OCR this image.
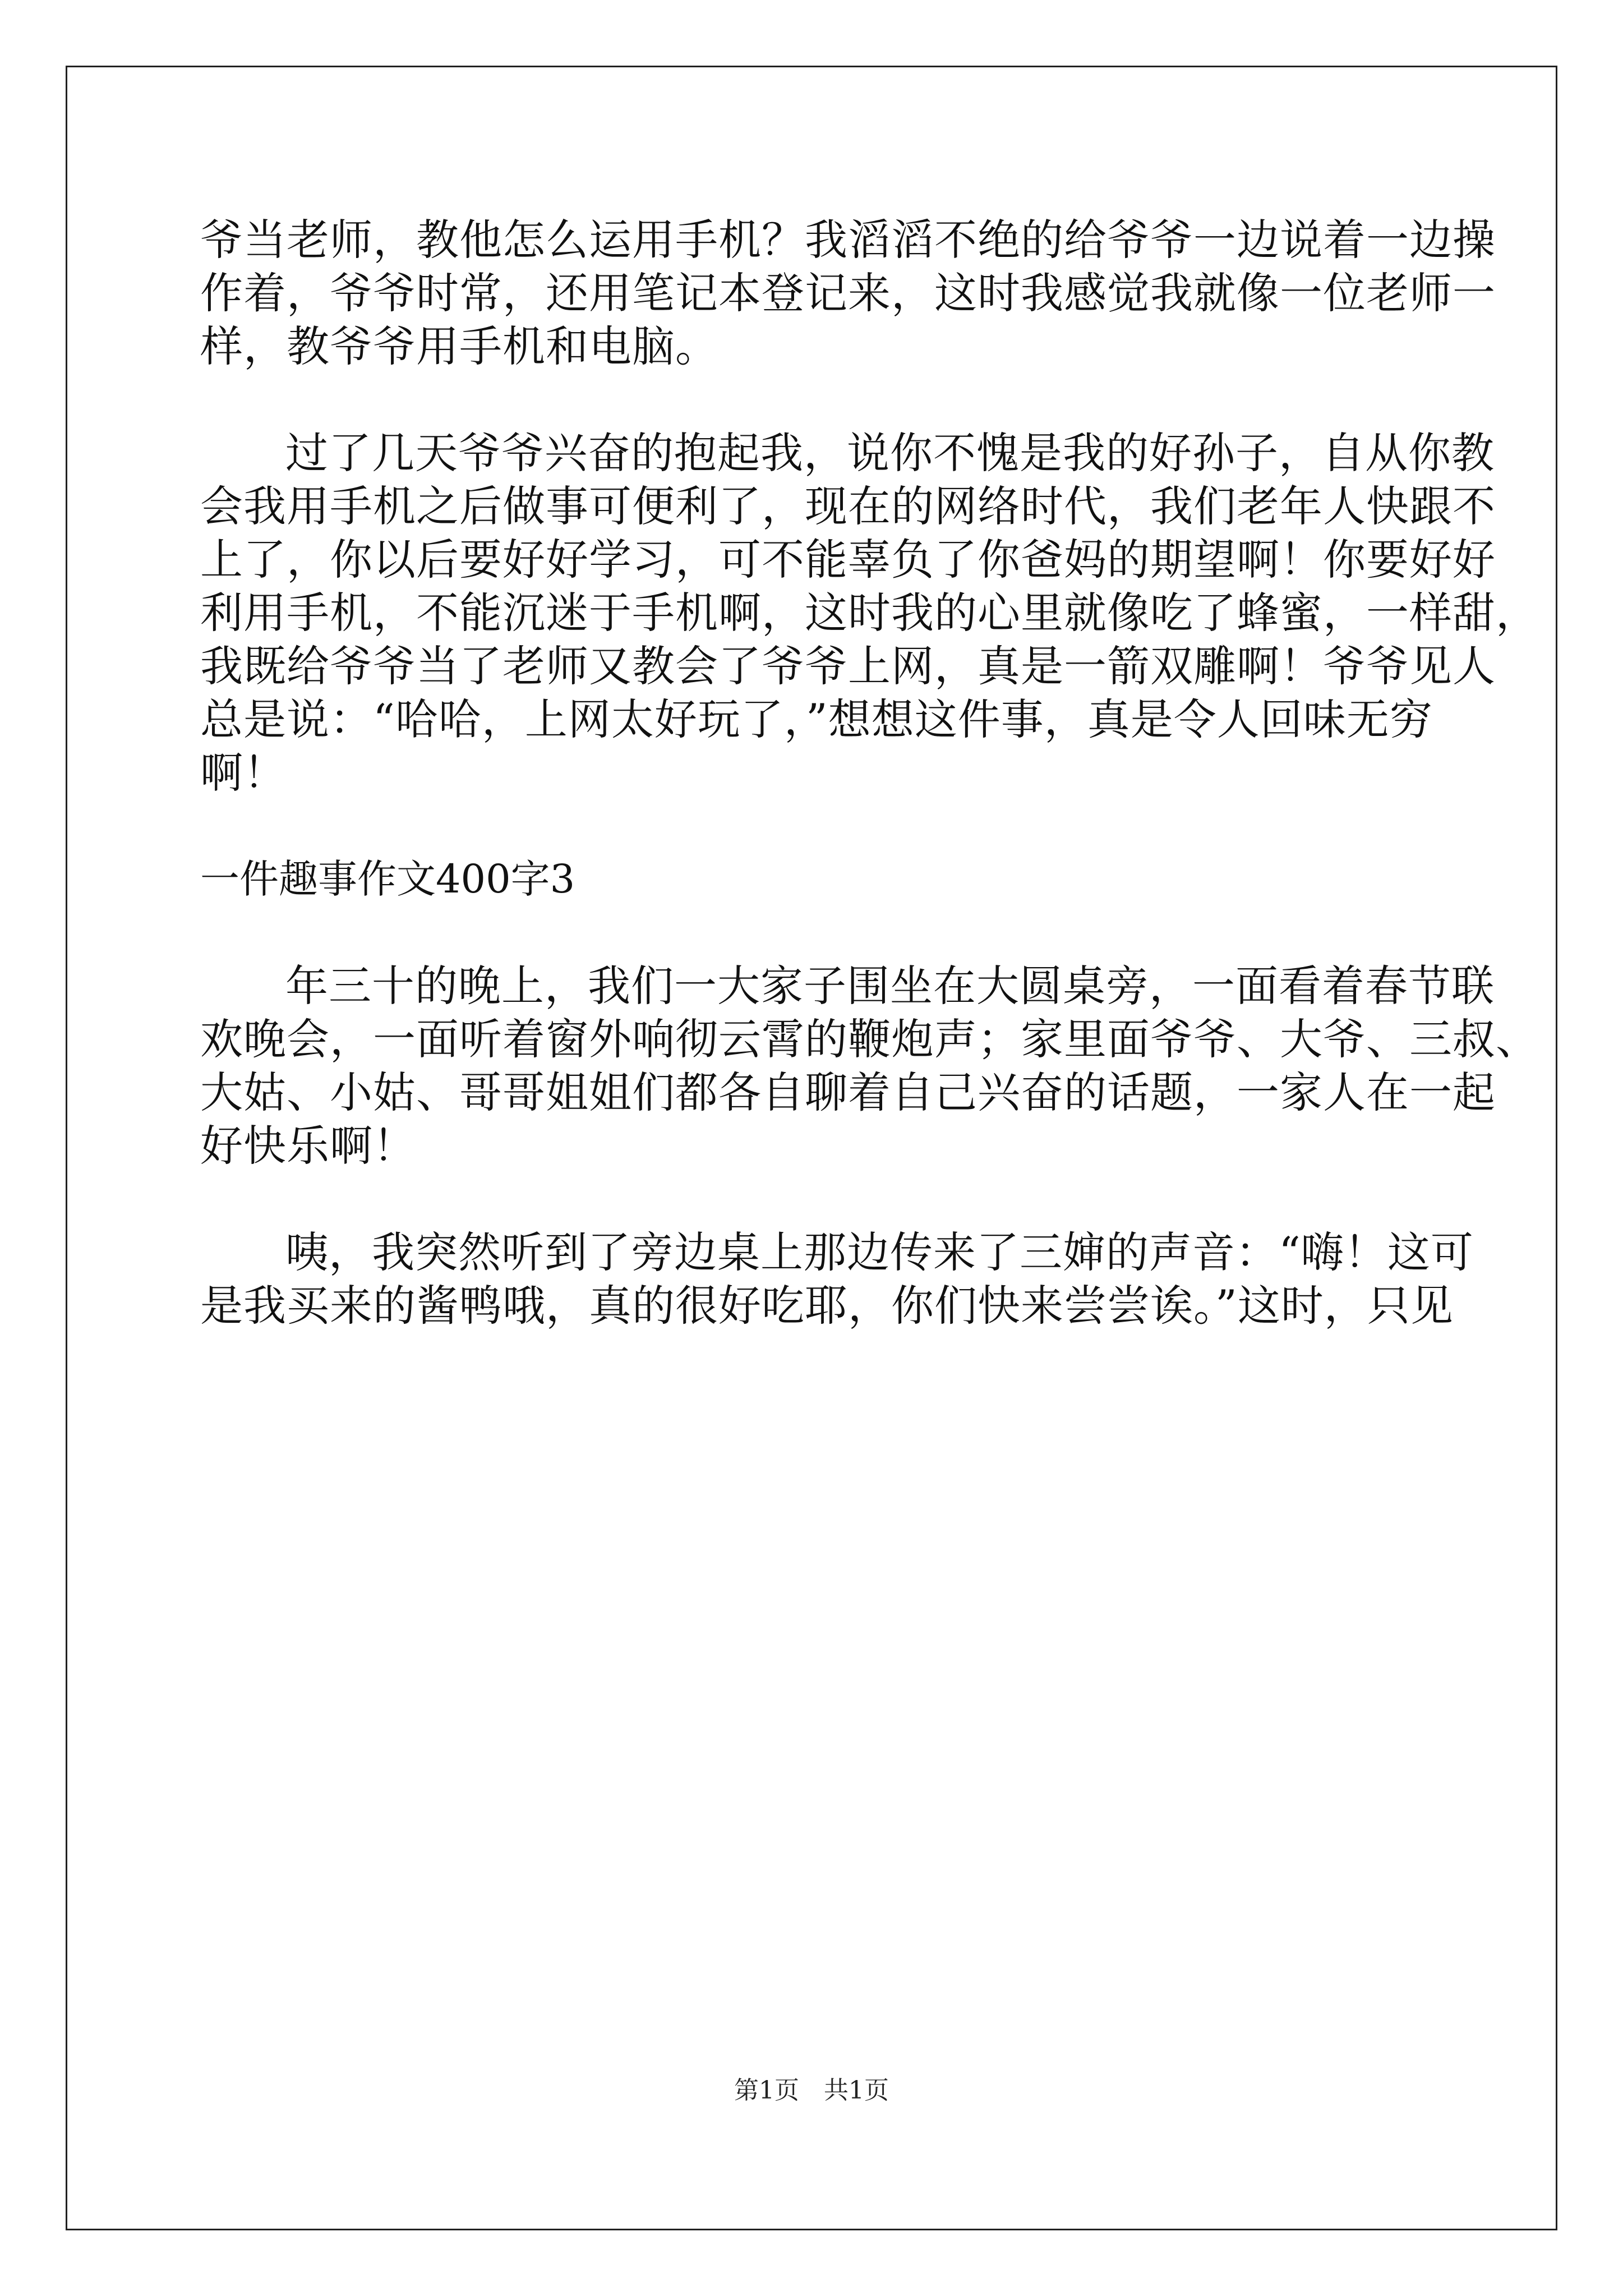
爷当老师，教他怎么运用手机？我滔滔不绝的给爷爷一边说着一边操
作着，爷爷时常，还用笔记本登记来，这时我感觉我就像一位老师一
样，教爷爷用手机和电脑。
过了几天爷爷兴奋的抱起我，说你不愧是我的好孙子，自从你教
会我用手机之后做事可便利了，现在的网络时代，我们老年人快跟不
上了，你以后要好好学习，可不能辜负了你爸妈的期望啊！你要好好
利用手机，不能沉迷于手机啊，这时我的心里就像吃了蜂蜜，一样甜，
我既给爷爷当了老师又教会了爷爷上网，真是一箭双雕啊！爷爷见人
总是说：“哈哈，上网太好玩了，”想想这件事，真是令人回味无穷
啊！
一件趣事作文400字3
年三十的晚上，我们一大家子围坐在大圆桌旁，一面看着春节联
欢晚会，一面听着窗外响彻云霄的鞭炮声；家里面爷爷、大爷、三叔、
大姑、小姑、哥哥姐姐们都各自聊着自己兴奋的话题，一家人在一起
好快乐啊！
咦，我突然听到了旁边桌上那边传来了三婶的声音：“嗨！这可
是我买来的酱鸭哦，真的很好吃耶，你们快来尝尝诶。”这时，只见
第1页　共1页
